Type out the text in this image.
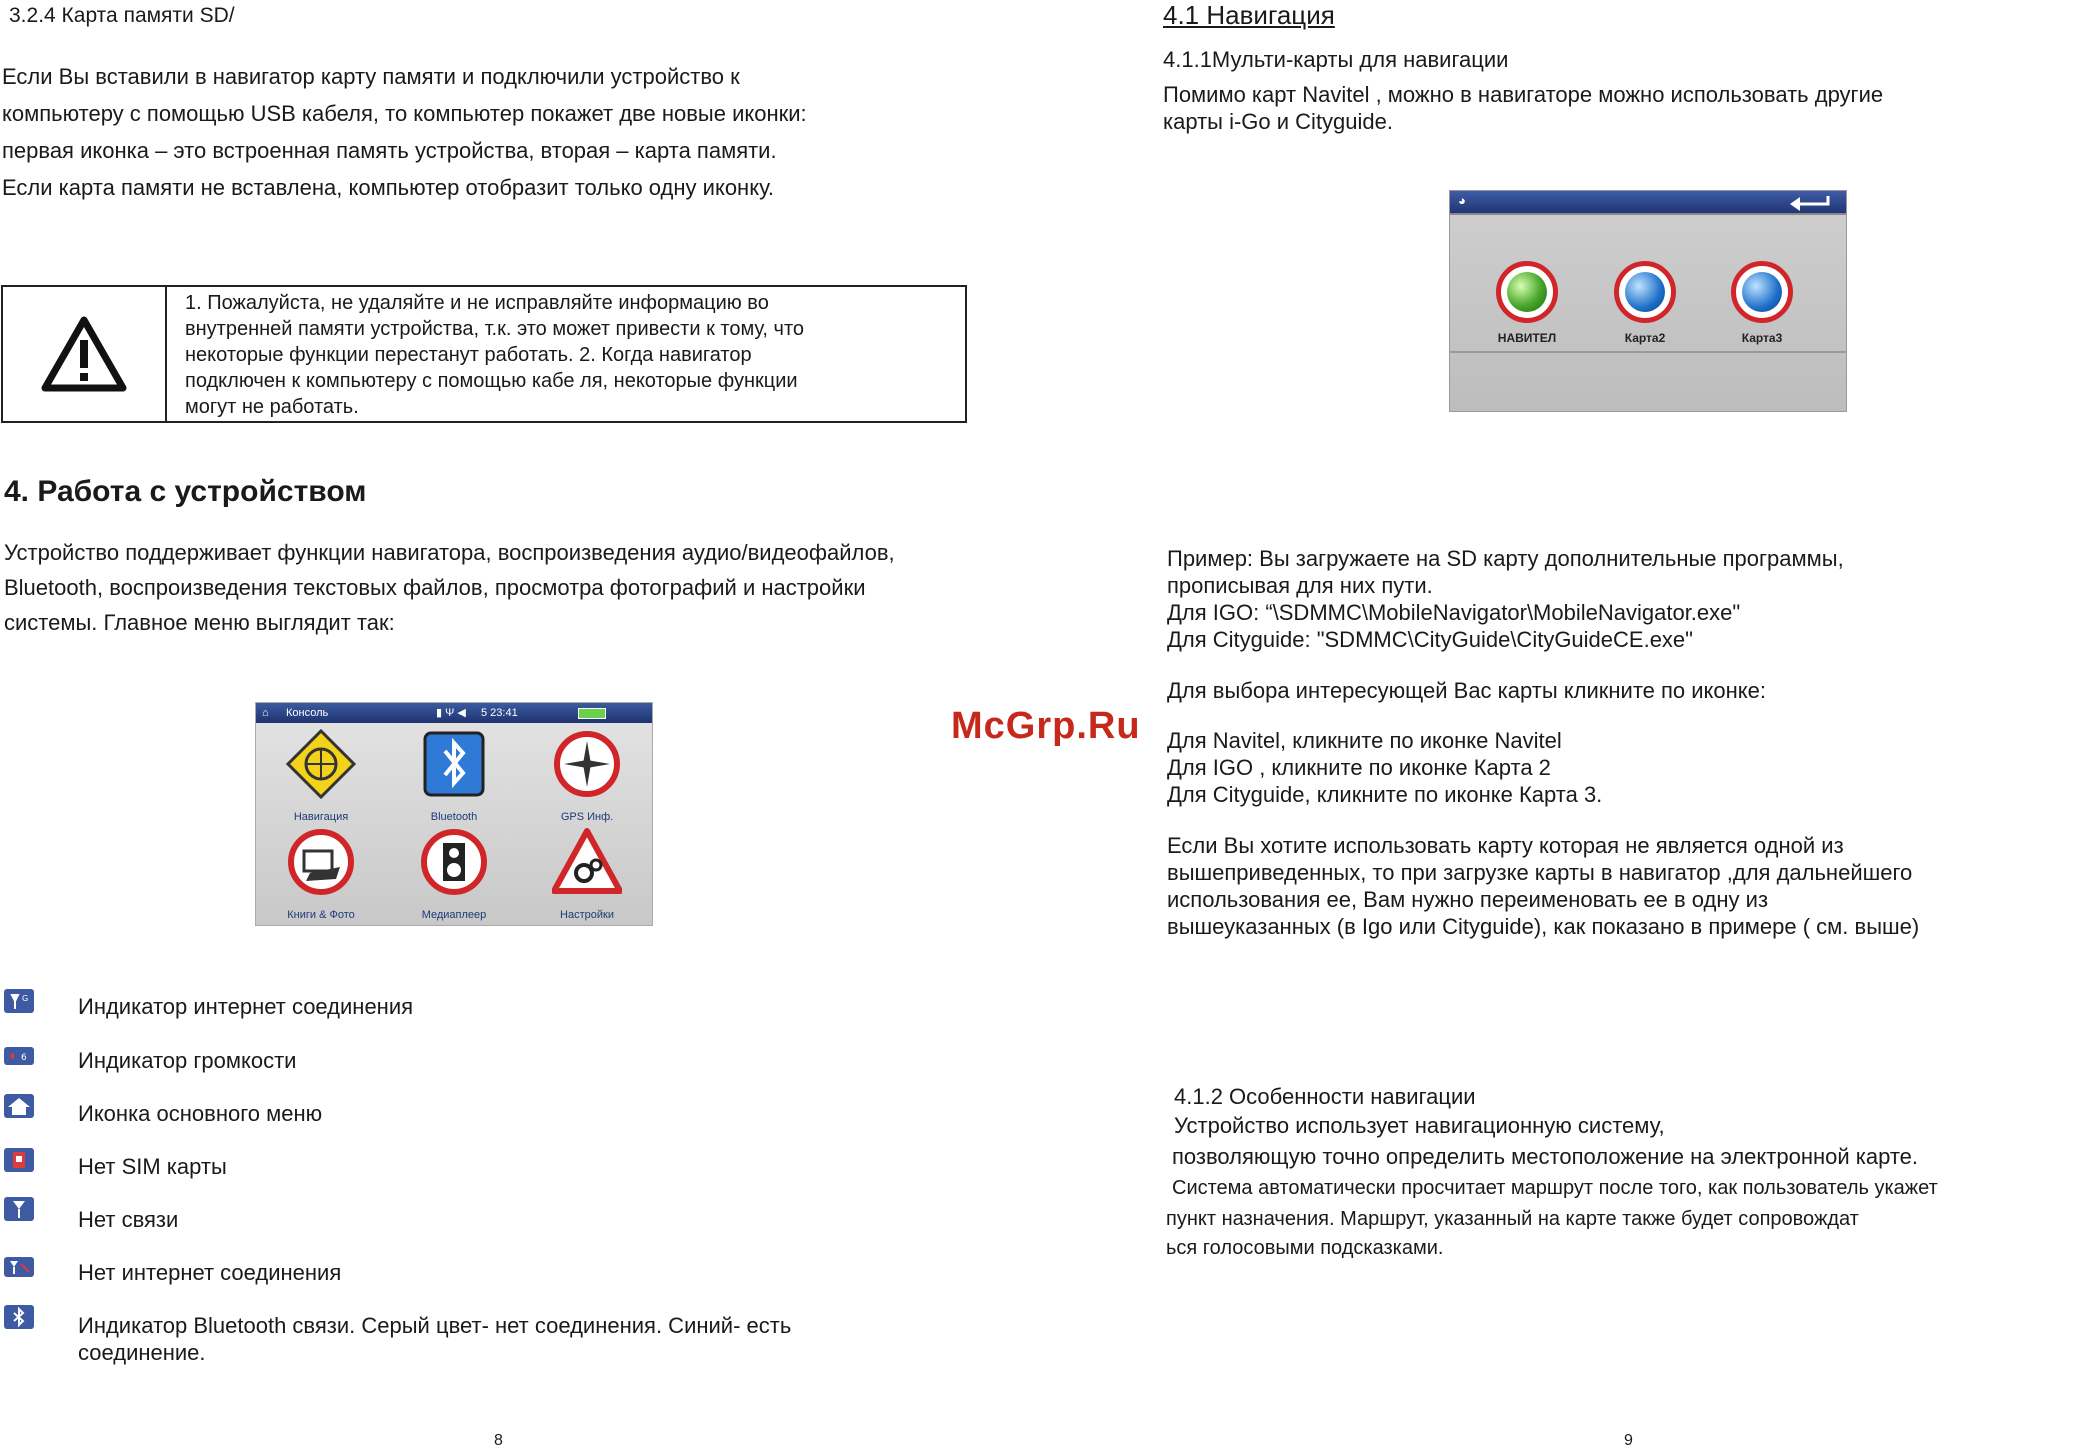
3.2.4 Карта памяти SD/
Если Вы вставили в навигатор карту памяти и подключили устройство к
компьютеру с помощью USB кабеля, то компьютер покажет две новые иконки:
первая иконка – это встроенная память устройства, вторая – карта памяти.
Если карта памяти не вставлена, компьютер отобразит только одну иконку.
1. Пожалуйста, не удаляйте и не исправляйте информацию во
внутренней памяти устройства, т.к. это может привести к тому, что
некоторые функции перестанут работать. 2. Когда навигатор
подключен к компьютеру с помощью кабе ля, некоторые функции
могут не работать.
4. Работа с устройством
Устройство поддерживает функции навигатора, воспроизведения аудио/видеофайлов,
Bluetooth, воспроизведения текстовых файлов, просмотра фотографий и настройки
системы. Главное меню выглядит так:
⌂ Консоль	▮ Ψ ◀ 5 23:41
Навигация	Bluetooth	GPS Инф.
Книги & Фото	Медиаплеер	Настройки
G Индикатор интернет соединения
6 Индикатор громкости
Иконка основного меню
Нет SIM карты
Нет связи
Нет интернет соединения
Индикатор Bluetooth связи. Серый цвет- нет соединения. Синий- есть
соединение.
8
4.1 Навигация
4.1.1Мульти-карты для навигации
Помимо карт Navitel , можно в навигаторе можно использовать другие
карты i-Go и Cityguide.
◕
НАВИТЕЛ	Карта2	Карта3
Пример: Вы загружаете на SD карту дополнительные программы,
прописывая для них пути.
Для IGO: “\SDMMC\MobileNavigator\MobileNavigator.exe"
Для Cityguide: "SDMMC\CityGuide\CityGuideCE.exe"
Для выбора интересующей Вас карты кликните по иконке:
Для Navitel, кликните по иконке Navitel
Для IGO , кликните по иконке Карта 2
Для Cityguide, кликните по иконке Карта 3.
Если Вы хотите использовать карту которая не является одной из
вышеприведенных, то при загрузке карты в навигатор ,для дальнейшего
использования ее, Вам нужно переименовать ее в одну из
вышеуказанных (в Igo или Cityguide), как показано в примере ( см. выше)
4.1.2 Особенности навигации
Устройство использует навигационную систему,
позволяющую точно определить местоположение на электронной карте.
Система автоматически просчитает маршрут после того, как пользователь укажет
пункт назначения. Маршрут, указанный на карте также будет сопровождат
ься голосовыми подсказками.
9
McGrp.Ru
